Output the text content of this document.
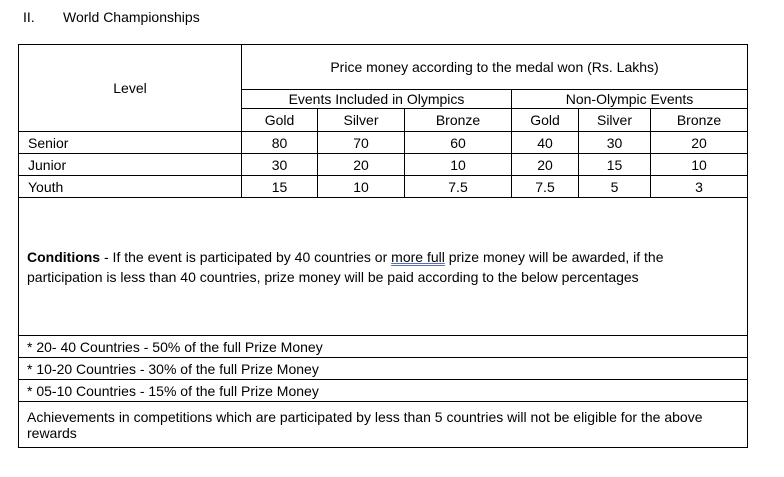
II. World Championships
Level	Price money according to the medal won (Rs. Lakhs)					
	Events Included in Olympics			Non-Olympic Events		
	Gold	Silver	Bronze	Gold	Silver	Bronze
Senior	80	70	60	40	30	20
Junior	30	20	10	20	15	10
Youth	15	10	7.5	7.5	5	3

Conditions - If the event is participated by 40 countries or more full prize money will be awarded, if the participation is less than 40 countries, prize money will be paid according to the below percentages						

* 20- 40 Countries - 50% of the full Prize Money						
* 10-20 Countries - 30% of the full Prize Money						
* 05-10 Countries - 15% of the full Prize Money						
Achievements in competitions which are participated by less than 5 countries will not be eligible for the above rewards						
